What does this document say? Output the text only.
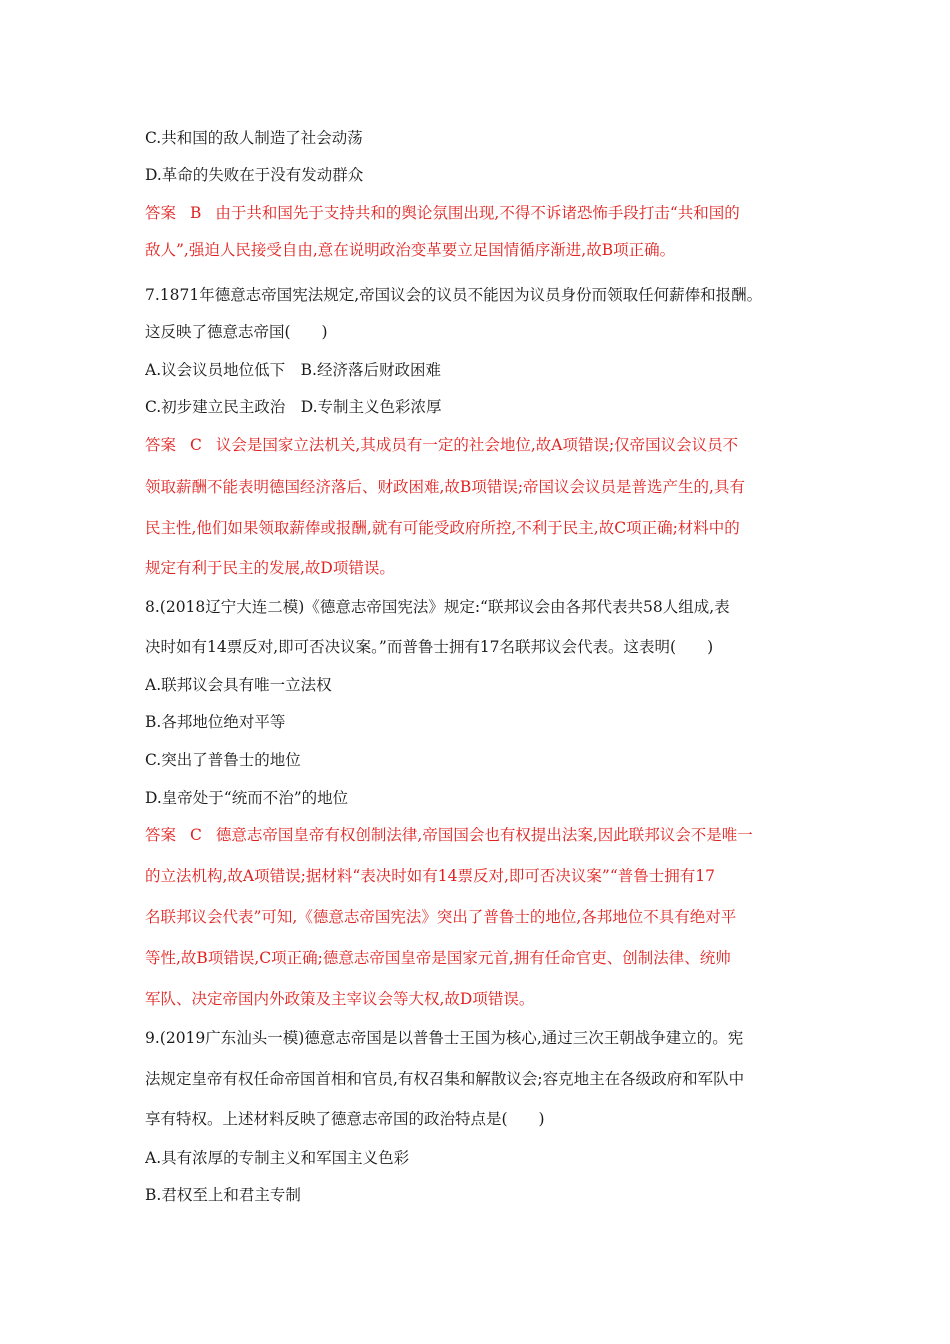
C.共和国的敌人制造了社会动荡
D.革命的失败在于没有发动群众
答案 B 由于共和国先于支持共和的舆论氛围出现,不得不诉诸恐怖手段打击“共和国的
敌人”,强迫人民接受自由,意在说明政治变革要立足国情循序渐进,故B项正确。
7.1871年德意志帝国宪法规定,帝国议会的议员不能因为议员身份而领取任何薪俸和报酬。
这反映了德意志帝国(　　)
A.议会议员地位低下　B.经济落后财政困难
C.初步建立民主政治　D.专制主义色彩浓厚
答案 C 议会是国家立法机关,其成员有一定的社会地位,故A项错误;仅帝国议会议员不
领取薪酬不能表明德国经济落后、财政困难,故B项错误;帝国议会议员是普选产生的,具有
民主性,他们如果领取薪俸或报酬,就有可能受政府所控,不利于民主,故C项正确;材料中的
规定有利于民主的发展,故D项错误。
8.(2018辽宁大连二模)《德意志帝国宪法》规定:“联邦议会由各邦代表共58人组成,表
决时如有14票反对,即可否决议案。”而普鲁士拥有17名联邦议会代表。这表明(　　)
A.联邦议会具有唯一立法权
B.各邦地位绝对平等
C.突出了普鲁士的地位
D.皇帝处于“统而不治”的地位
答案 C 德意志帝国皇帝有权创制法律,帝国国会也有权提出法案,因此联邦议会不是唯一
的立法机构,故A项错误;据材料“表决时如有14票反对,即可否决议案”“普鲁士拥有17
名联邦议会代表”可知,《德意志帝国宪法》突出了普鲁士的地位,各邦地位不具有绝对平
等性,故B项错误,C项正确;德意志帝国皇帝是国家元首,拥有任命官吏、创制法律、统帅
军队、决定帝国内外政策及主宰议会等大权,故D项错误。
9.(2019广东汕头一模)德意志帝国是以普鲁士王国为核心,通过三次王朝战争建立的。宪
法规定皇帝有权任命帝国首相和官员,有权召集和解散议会;容克地主在各级政府和军队中
享有特权。上述材料反映了德意志帝国的政治特点是(　　)
A.具有浓厚的专制主义和军国主义色彩
B.君权至上和君主专制
